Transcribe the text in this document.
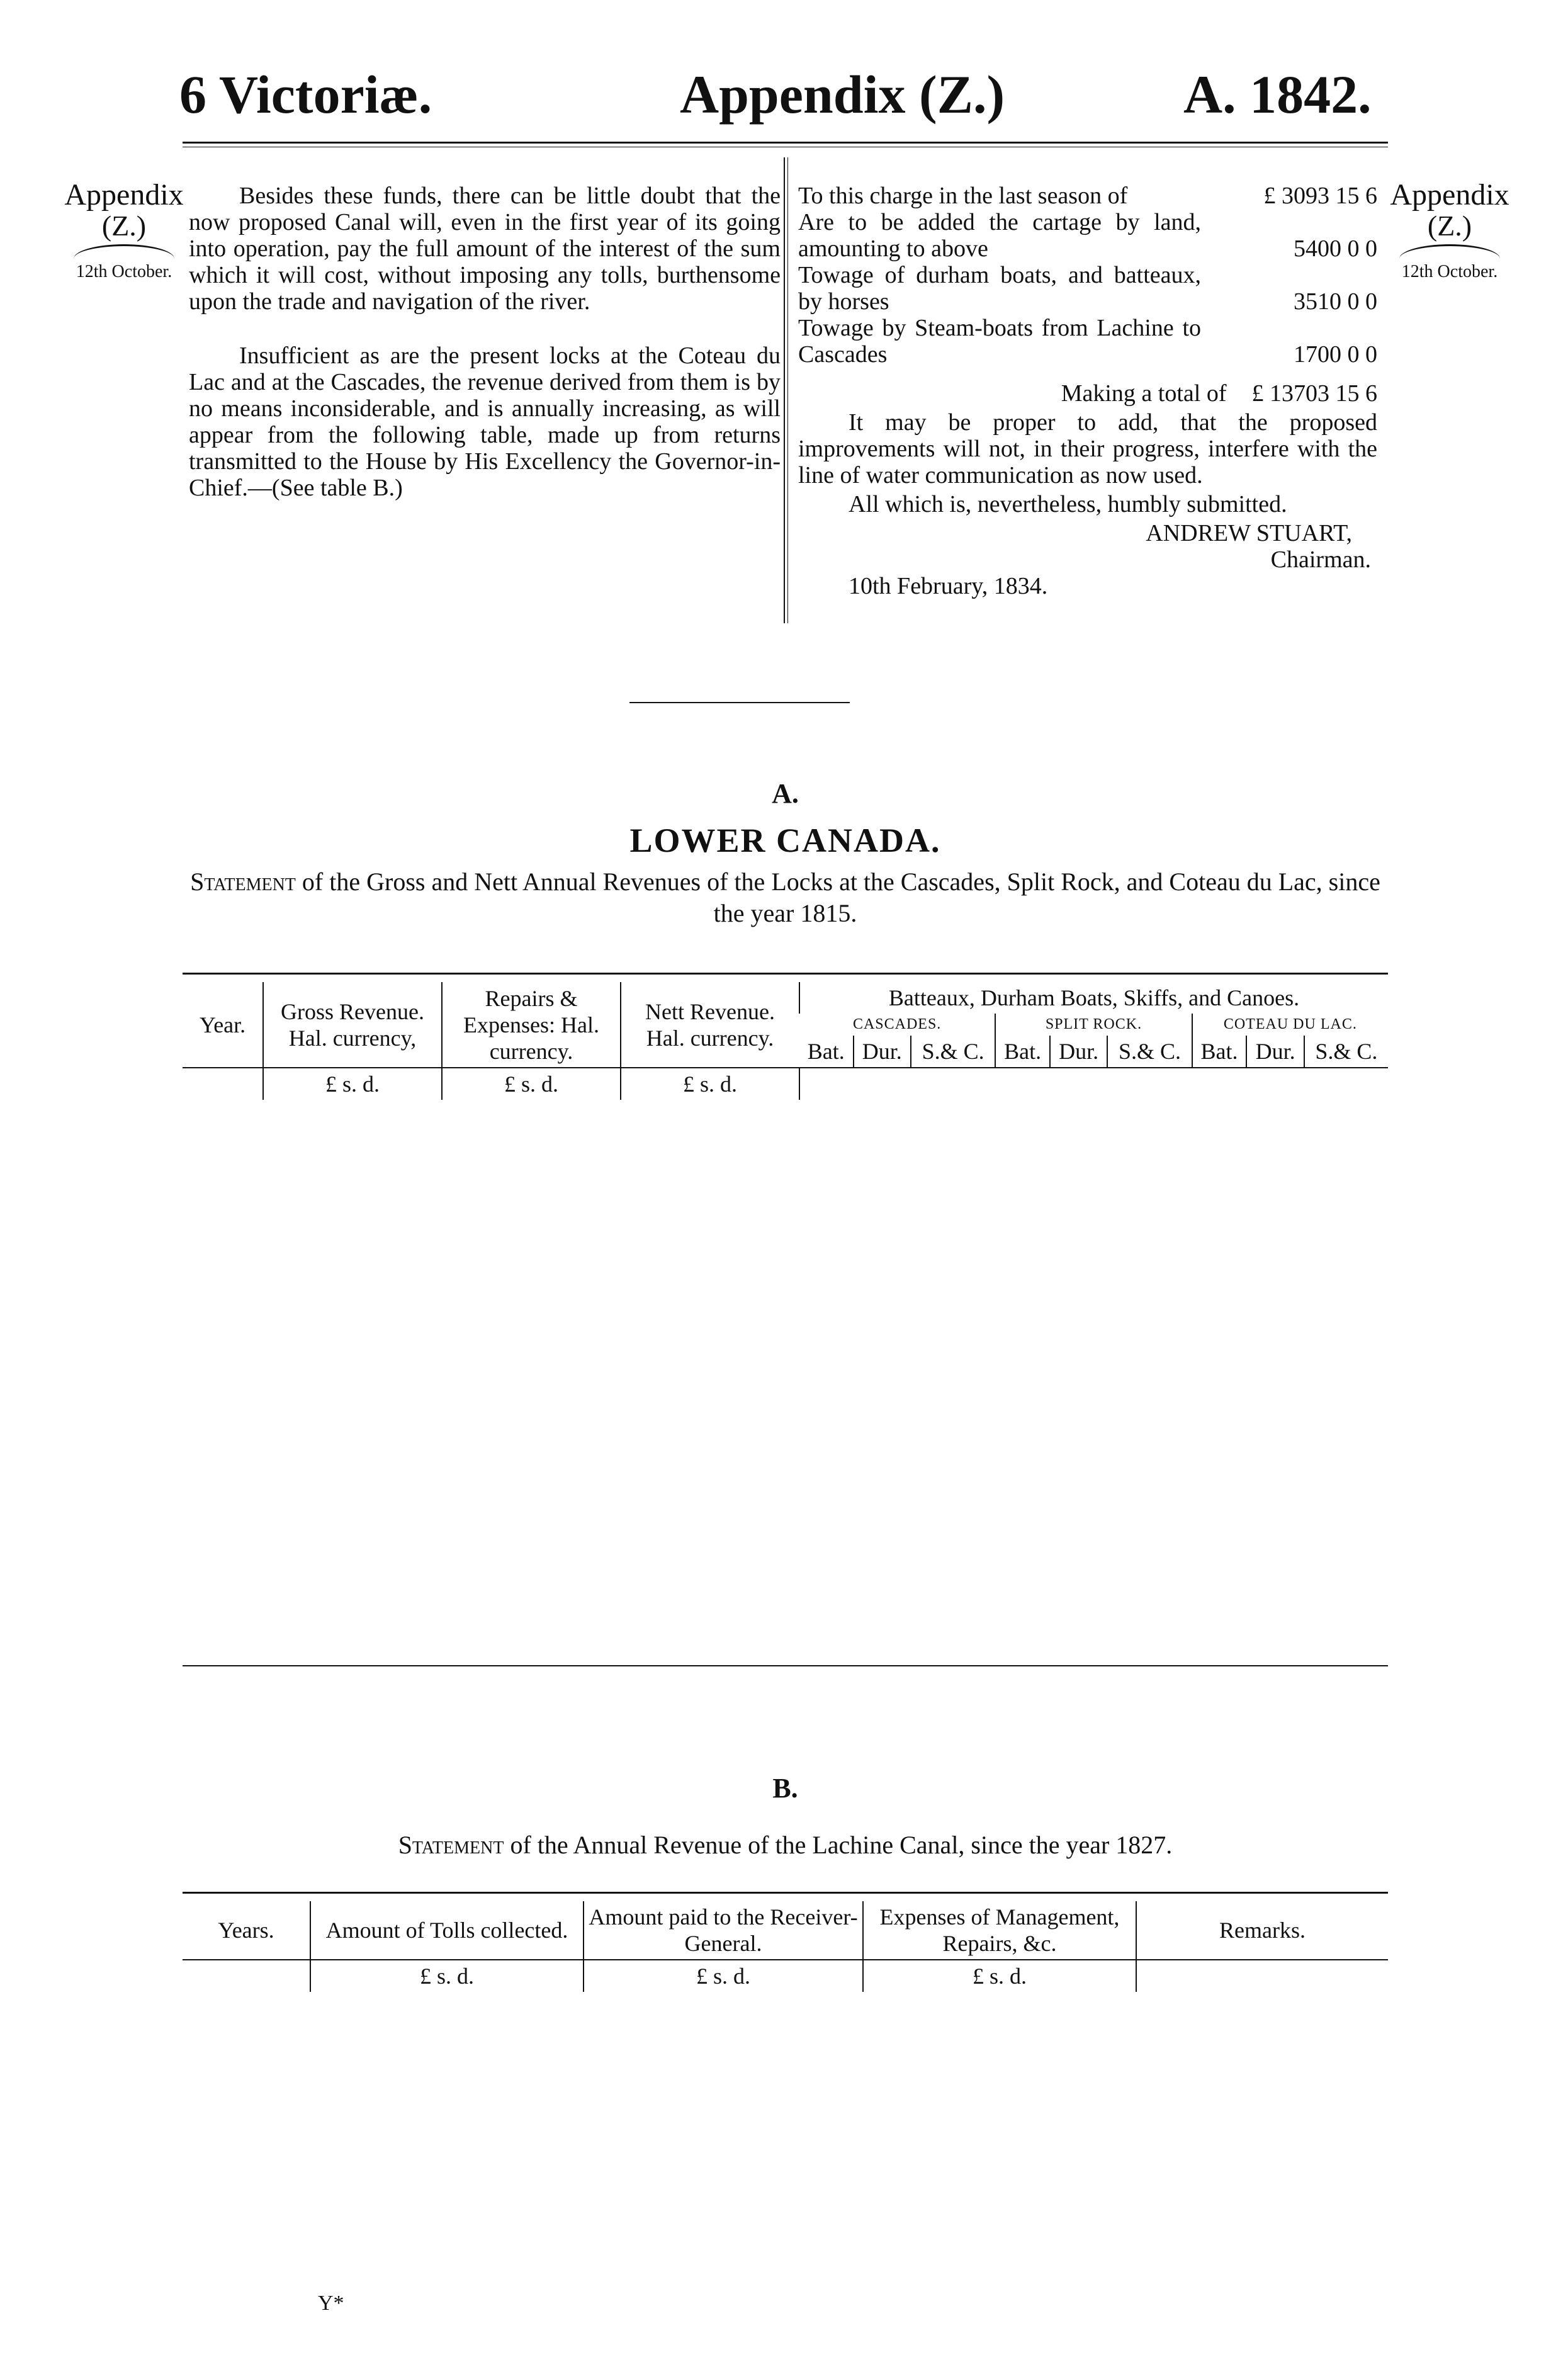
6 Victoriæ.	Appendix (Z.)	A. 1842.
Appendix
(Z.)
12th October.
Appendix
(Z.)
12th October.

Besides these funds, there can be little doubt that the now proposed Canal will, even in the first year of its going into operation, pay the full amount of the interest of the sum which it will cost, without imposing any tolls, burthensome upon the trade and navigation of the river.

Insufficient as are the present locks at the Coteau du Lac and at the Cascades, the revenue derived from them is by no means inconsiderable, and is annually increasing, as will appear from the following table, made up from returns transmitted to the House by His Excellency the Governor-in-Chief.—(See table B.)

To this charge in the last season of	£ 3093 15 6
Are to be added the cartage by land, amounting to above	5400 0 0
Towage of durham boats, and batteaux, by horses	3510 0 0
Towage by Steam-boats from Lachine to Cascades	1700 0 0
Making a total of £ 13703 15 6

It may be proper to add, that the proposed improvements will not, in their progress, interfere with the line of water communication as now used.

All which is, nevertheless, humbly submitted.

ANDREW STUART,
Chairman.
10th February, 1834.
A.
LOWER CANADA.
Statement of the Gross and Nett Annual Revenues of the Locks at the Cascades, Split Rock, and Coteau du Lac, since the year 1815.
Year.	Gross Revenue. Hal. currency,	Repairs & Expenses: Hal. currency.	Nett Revenue. Hal. currency.	Batteaux, Durham Boats, Skiffs, and Canoes.								
				CASCADES.			SPLIT ROCK.			COTEAU DU LAC.		
				Bat.	Dur.	S.& C.	Bat.	Dur.	S.& C.	Bat.	Dur.	S.& C.
	£ s. d.	£ s. d.	£ s. d.									
B.
Statement of the Annual Revenue of the Lachine Canal, since the year 1827.
Years.	Amount of Tolls collected.	Amount paid to the Receiver-General.	Expenses of Management, Repairs, &c.	Remarks.
	£ s. d.	£ s. d.	£ s. d.	
Y*
